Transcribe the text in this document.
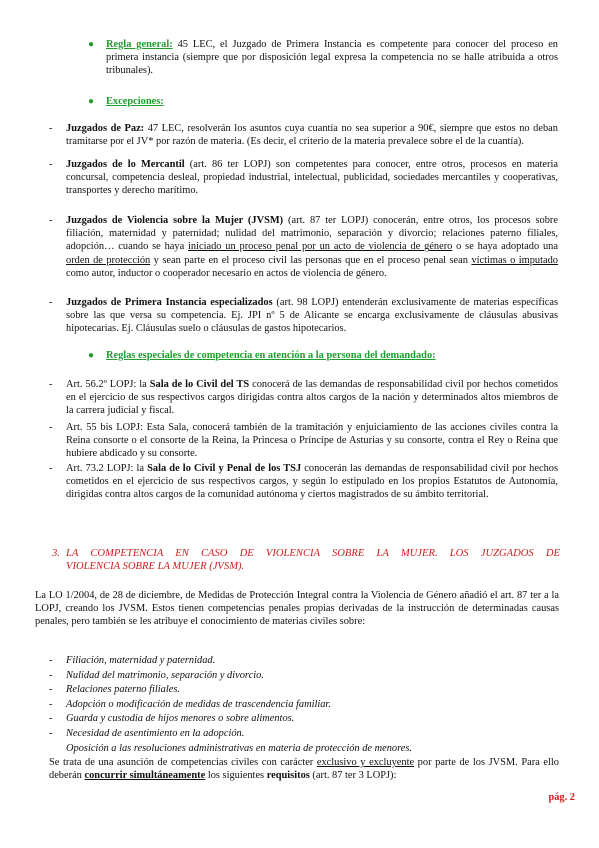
● Regla general: 45 LEC, el Juzgado de Primera Instancia es competente para conocer del proceso en primera instancia (siempre que por disposición legal expresa la competencia no se halle atribuida a otros tribunales).
● Excepciones:
- Juzgados de Paz: 47 LEC, resolverán los asuntos cuya cuantía no sea superior a 90€, siempre que estos no deban tramitarse por el JV* por razón de materia. (Es decir, el criterio de la materia prevalece sobre el de la cuantía).
- Juzgados de lo Mercantil (art. 86 ter LOPJ) son competentes para conocer, entre otros, procesos en materia concursal, competencia desleal, propiedad industrial, intelectual, publicidad, sociedades mercantiles y cooperativas, transportes y derecho marítimo.
- Juzgados de Violencia sobre la Mujer (JVSM) (art. 87 ter LOPJ) conocerán, entre otros, los procesos sobre filiación, maternidad y paternidad; nulidad del matrimonio, separación y divorcio; relaciones paterno filiales, adopción… cuando se haya iniciado un proceso penal por un acto de violencia de género o se haya adoptado una orden de protección y sean parte en el proceso civil las personas que en el proceso penal sean víctimas o imputado como autor, inductor o cooperador necesario en actos de violencia de género.
- Juzgados de Primera Instancia especializados (art. 98 LOPJ) entenderán exclusivamente de materias específicas sobre las que versa su competencia. Ej. JPI nº 5 de Alicante se encarga exclusivamente de cláusulas abusivas hipotecarias. Ej. Cláusulas suelo o cláusulas de gastos hipotecarios.
● Reglas especiales de competencia en atención a la persona del demandado:
- Art. 56.2º LOPJ: la Sala de lo Civil del TS conocerá de las demandas de responsabilidad civil por hechos cometidos en el ejercicio de sus respectivos cargos dirigidas contra altos cargos de la nación y determinados altos miembros de la carrera judicial y fiscal.
- Art. 55 bis LOPJ: Esta Sala, conocerá también de la tramitación y enjuiciamiento de las acciones civiles contra la Reina consorte o el consorte de la Reina, la Princesa o Príncipe de Asturias y su consorte, contra el Rey o Reina que hubiere abdicado y su consorte.
- Art. 73.2 LOPJ: la Sala de lo Civil y Penal de los TSJ conocerán las demandas de responsabilidad civil por hechos cometidos en el ejercicio de sus respectivos cargos, y según lo estipulado en los propios Estatutos de Autonomía, dirigidas contra altos cargos de la comunidad autónoma y ciertos magistrados de su ámbito territorial.
3. LA COMPETENCIA EN CASO DE VIOLENCIA SOBRE LA MUJER. LOS JUZGADOS DE
VIOLENCIA SOBRE LA MUJER (JVSM).
La LO 1/2004, de 28 de diciembre, de Medidas de Protección Integral contra la Violencia de Género añadió el art. 87 ter a la LOPJ, creando los JVSM. Estos tienen competencias penales propias derivadas de la instrucción de determinadas causas penales, pero también se les atribuye el conocimiento de materias civiles sobre:
- Filiación, maternidad y paternidad.
- Nulidad del matrimonio, separación y divorcio.
- Relaciones paterno filiales.
- Adopción o modificación de medidas de trascendencia familiar.
- Guarda y custodia de hijos menores o sobre alimentos.
- Necesidad de asentimiento en la adopción.
Oposición a las resoluciones administrativas en materia de protección de menores.
Se trata de una asunción de competencias civiles con carácter exclusivo y excluyente por parte de los JVSM. Para ello deberán concurrir simultáneamente los siguientes requisitos (art. 87 ter 3 LOPJ):
pág. 2
